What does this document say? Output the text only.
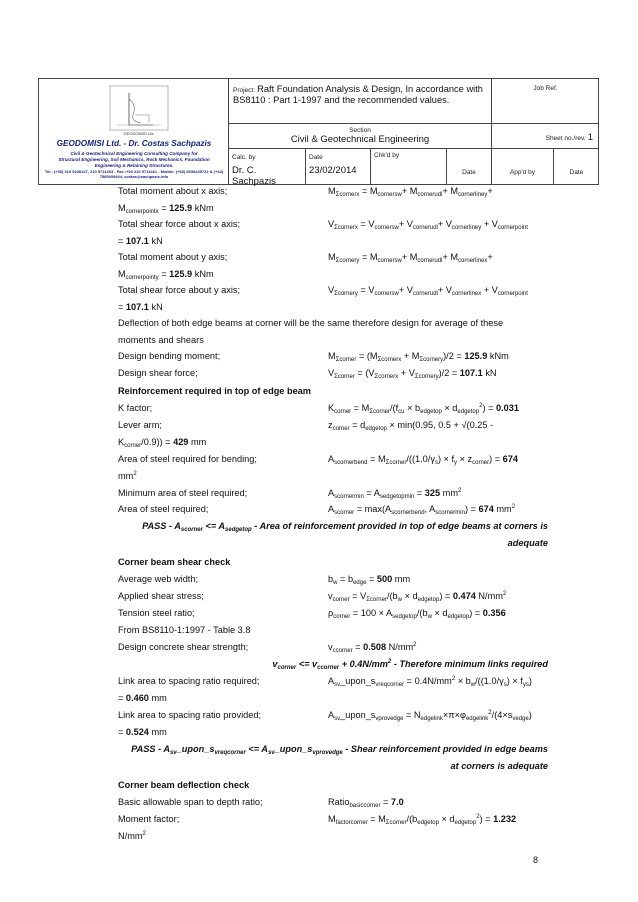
GEODOMISI Ltd.
GEODOMISI Ltd. - Dr. Costas Sachpazis
Civil & Geotechnical Engineering Consulting Company for
Structural Engineering, Soil Mechanics, Rock Mechanics, Foundation
Engineering & Retaining Structures.
Tel.: (+30) 210 5238127, 210 5711263 - Fax.:+30 210 5711461 - Mobile: (+30) 6936425722 & (+44) 7585939944, costas@sachpazis.info
Project: Raft Foundation Analysis & Design, In accordance with BS8110 : Part 1-1997 and the recommended values.
Job Ref.
Section
Civil & Geotechnical Engineering	Sheet no./rev. 1
Calc. by
Dr. C. Sachpazis
Date
23/02/2014
Chk'd by
Date	App'd by	Date
Total moment about x axis;	$M_{\Sigma cornerx} = M_{cornersw}+ M_{cornerudl}+ M_{cornerliney}+$
$M_{cornerpointx} = 125.9$ kNm
Total shear force about x axis;	$V_{\Sigma cornerx} = V_{cornersw}+ V_{cornerudl}+ V_{cornerliney} + V_{cornerpoint}$
= 107.1 kN
Total moment about y axis;	$M_{\Sigma cornery} = M_{cornersw}+ M_{cornerudl}+ M_{cornerlinex}+$
$M_{cornerpointy} = 125.9$ kNm
Total shear force about y axis;	$V_{\Sigma cornery} = V_{cornersw}+ V_{cornerudl}+ V_{cornerlinex} + V_{cornerpoint}$
= 107.1 kN
Deflection of both edge beams at corner will be the same therefore design for average of these
moments and shears
Design bending moment;	$M_{\Sigma corner} = (M_{\Sigma cornerx} + M_{\Sigma cornery})/2 = 125.9$ kNm
Design shear force;	$V_{\Sigma corner} = (V_{\Sigma cornerx} + V_{\Sigma cornery})/2 = 107.1$ kN
Reinforcement required in top of edge beam
K factor;	$K_{corner} = M_{\Sigma corner}/(f_{cu} \times b_{edgetop} \times d_{edgetop}^2) = 0.031$
Lever arm;	$z_{corner} = d_{edgetop} \times \min(0.95$, 0.5 + √(0.25 -
$K_{corner}/0.9)) = 429$ mm
Area of steel required for bending;	$A_{scornerbend} = M_{\Sigma corner}/((1.0/\gamma_s) \times f_y \times z_{corner}) = 674$
$mm^2$
Minimum area of steel required;	$A_{scornermin} = A_{sedgetopmin} = 325$ $mm^2$
Area of steel required;	$A_{scorner} = \max(A_{scornerbend}$, $A_{scornermin}) = 674$ $mm^2$
PASS - $A_{scorner} <= A_{sedgetop}$ - Area of reinforcement provided in top of edge beams at corners is
adequate
Corner beam shear check
Average web width;	$b_w = b_{edge} = 500$ mm
Applied shear stress;	$v_{corner} = V_{\Sigma corner}/(b_w \times d_{edgetop}) = 0.474$ $N/mm^2$
Tension steel ratio;	$\rho_{corner} = 100 \times A_{sedgetop}/(b_w \times d_{edgetop}) = 0.356$
From BS8110-1:1997 - Table 3.8
Design concrete shear strength;	$v_{ccorner} = 0.508$ $N/mm^2$
$v_{corner} <= v_{ccorner} + 0.4N/mm^2$ - Therefore minimum links required
Link area to spacing ratio required;	$A_{sv}\_upon\_s_{vreqcorner} = 0.4N/mm^2 \times b_w/((1.0/\gamma_s) \times f_{ys})$
= 0.460 mm
Link area to spacing ratio provided;	$A_{sv}\_upon\_s_{vprovedge} = N_{edgelink}\times\pi\times\varphi_{edgelink}^2/(4\times s_{vedge})$
= 0.524 mm
PASS - $A_{sv}\_upon\_s_{vreqcorner}$ <= $A_{sv}\_upon\_s_{vprovedge}$ - Shear reinforcement provided in edge beams
at corners is adequate
Corner beam deflection check
Basic allowable span to depth ratio;	Ratio$_{basiccorner}$ = 7.0
Moment factor;	$M_{factorcorner} = M_{\Sigma corner}/(b_{edgetop} \times d_{edgetop}^2) = 1.232$
$N/mm^2$
8
